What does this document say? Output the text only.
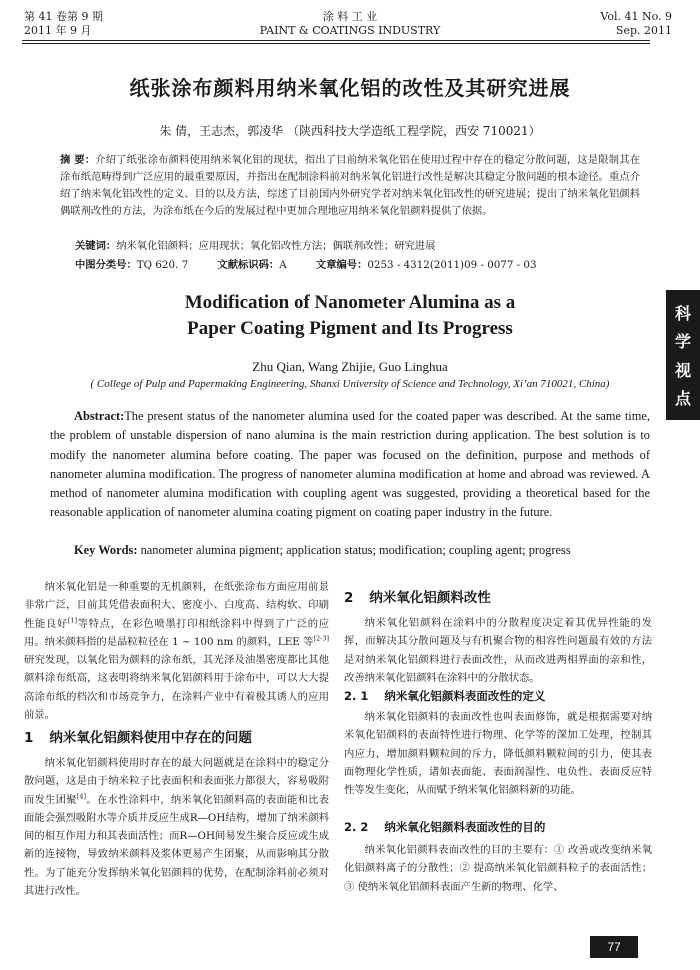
第 41 卷第 9 期
2011 年 9 月
涂 料 工 业
PAINT & COATINGS INDUSTRY
Vol. 41 No. 9
Sep. 2011
科
学
视
点
纸张涂布颜料用纳米氧化铝的改性及其研究进展
朱 倩，王志杰，郭凌华 （陕西科技大学造纸工程学院，西安 710021）
摘 要：介绍了纸张涂布颜料使用纳米氧化铝的现状，指出了目前纳米氧化铝在使用过程中存在的稳定分散问题，这是限制其在涂布纸范畴得到广泛应用的最重要原因，并指出在配制涂料前对纳米氧化铝进行改性是解决其稳定分散问题的根本途径。重点介绍了纳米氧化铝改性的定义、目的以及方法，综述了目前国内外研究学者对纳米氧化铝改性的研究进展；提出了纳米氧化铝颜料偶联剂改性的方法，为涂布纸在今后的发展过程中更加合理地应用纳米氧化铝颜料提供了依据。
关键词：纳米氧化铝颜料；应用现状；氧化铝改性方法；偶联剂改性；研究进展
中图分类号：TQ 620. 7	文献标识码：A	文章编号：0253 - 4312(2011)09 - 0077 - 03
Modification of Nanometer Alumina as a
Paper Coating Pigment and Its Progress
Zhu Qian, Wang Zhijie, Guo Linghua
( College of Pulp and Papermaking Engineering, Shanxi University of Science and Technology, Xi’an 710021, China)
Abstract:The present status of the nanometer alumina used for the coated paper was described. At the same time, the problem of unstable dispersion of nano alumina is the main restriction during application. The best solution is to modify the nanometer alumina before coating. The paper was focused on the definition, purpose and methods of nanometer alumina modification. The progress of nanometer alumina modification at home and abroad was reviewed. A method of nanometer alumina modification with coupling agent was suggested, providing a theoretical based for the reasonable application of nanometer alumina coating pigment on coating paper industry in the future.
Key Words: nanometer alumina pigment; application status; modification; coupling agent; progress

纳米氧化铝是一种重要的无机颜料，在纸张涂布方面应用前景非常广泛，目前其凭借表面积大、密度小、白度高、结构软、印刷性能良好[1]等特点，在彩色喷墨打印相纸涂料中得到了广泛的应用。纳米颜料指的是晶粒粒径在 1 ~ 100 nm 的颜料，LEE 等[2-3]研究发现，以氧化铝为颜料的涂布纸，其光泽及油墨密度都比其他颜料涂布纸高，这表明将纳米氧化铝颜料用于涂布中，可以大大提高涂布纸的档次和市场竞争力，在涂料产业中有着极其诱人的应用前景。

1 纳米氧化铝颜料使用中存在的问题

纳米氧化铝颜料使用时存在的最大问题就是在涂料中的稳定分散问题，这是由于纳米粒子比表面积和表面张力都很大，容易吸附而发生团聚[4]。在水性涂料中，纳米氧化铝颜料高的表面能和比表面能会强烈吸附水等介质并反应生成R—OH结构，增加了纳米颜料间的相互作用力和其表面活性；而R—OH间易发生聚合反应或生成新的连接物，导致纳米颜料及浆体更易产生团聚，从而影响其分散性。为了能充分发挥纳米氧化铝颜料的优势，在配制涂料前必须对其进行改性。

2 纳米氧化铝颜料改性

纳米氧化铝颜料在涂料中的分散程度决定着其优异性能的发挥，而解决其分散问题及与有机聚合物的相容性问题最有效的方法是对纳米氧化铝颜料进行表面改性，从而改进两相界面的亲和性，改善纳米氧化铝颜料在涂料中的分散状态。

2. 1 纳米氧化铝颜料表面改性的定义

纳米氧化铝颜料的表面改性也叫表面修饰，就是根据需要对纳米氧化铝颜料的表面特性进行物理、化学等的深加工处理，控制其内应力，增加颜料颗粒间的斥力，降低颜料颗粒间的引力，使其表面物理化学性质，诸如表面能、表面润湿性、电负性、表面反应特性等发生变化，从而赋予纳米氧化铝颜料新的功能。

2. 2 纳米氧化铝颜料表面改性的目的

纳米氧化铝颜料表面改性的目的主要有：① 改善或改变纳米氧化铝颜料离子的分散性；② 提高纳米氧化铝颜料粒子的表面活性；③ 使纳米氧化铝颜料表面产生新的物理、化学、

77
